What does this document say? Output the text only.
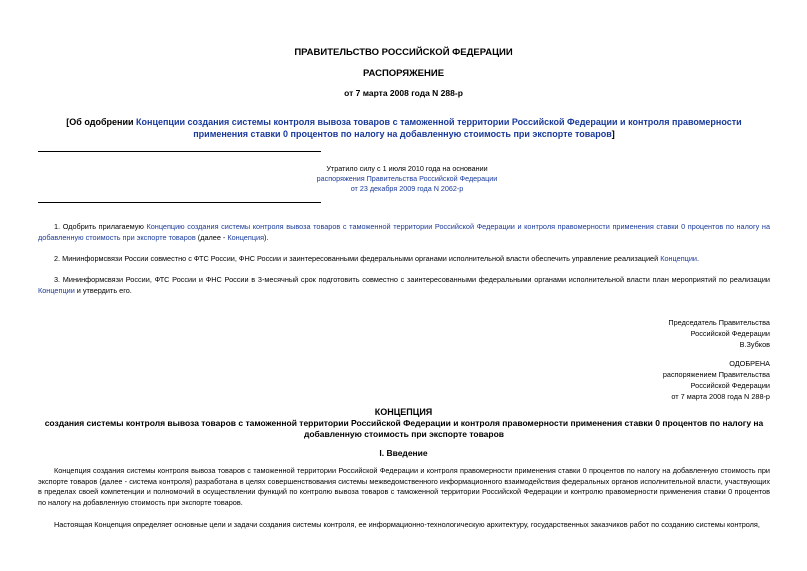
ПРАВИТЕЛЬСТВО РОССИЙСКОЙ ФЕДЕРАЦИИ
РАСПОРЯЖЕНИЕ
от 7 марта 2008 года N 288-р
[Об одобрении Концепции создания системы контроля вывоза товаров с таможенной территории Российской Федерации и контроля правомерности применения ставки 0 процентов по налогу на добавленную стоимость при экспорте товаров]
Утратило силу с 1 июля 2010 года на основании
распоряжения Правительства Российской Федерации
от 23 декабря 2009 года N 2062-р
1. Одобрить прилагаемую Концепцию создания системы контроля вывоза товаров с таможенной территории Российской Федерации и контроля правомерности применения ставки 0 процентов по налогу на добавленную стоимость при экспорте товаров (далее - Концепция).
2. Мининформсвязи России совместно с ФТС России, ФНС России и заинтересованными федеральными органами исполнительной власти обеспечить управление реализацией Концепции.
3. Мининформсвязи России, ФТС России и ФНС России в 3-месячный срок подготовить совместно с заинтересованными федеральными органами исполнительной власти план мероприятий по реализации Концепции и утвердить его.
Председатель Правительства
Российской Федерации
В.Зубков
ОДОБРЕНА
распоряжением Правительства
Российской Федерации
от 7 марта 2008 года N 288-р
КОНЦЕПЦИЯ
создания системы контроля вывоза товаров с таможенной территории Российской Федерации и контроля правомерности применения ставки 0 процентов по налогу на добавленную стоимость при экспорте товаров
I. Введение
Концепция создания системы контроля вывоза товаров с таможенной территории Российской Федерации и контроля правомерности применения ставки 0 процентов по налогу на добавленную стоимость при экспорте товаров (далее - система контроля) разработана в целях совершенствования системы межведомственного информационного взаимодействия федеральных органов исполнительной власти, участвующих в пределах своей компетенции и полномочий в осуществлении функций по контролю вывоза товаров с таможенной территории Российской Федерации и контролю правомерности применения ставки 0 процентов по налогу на добавленную стоимость при экспорте товаров.
Настоящая Концепция определяет основные цели и задачи создания системы контроля, ее информационно-технологическую архитектуру, государственных заказчиков работ по созданию системы контроля,
